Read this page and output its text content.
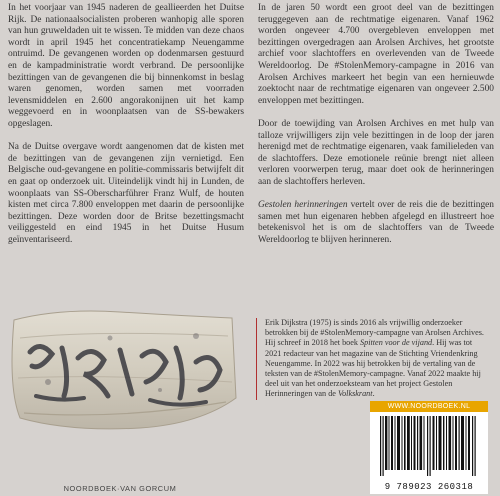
In het voorjaar van 1945 naderen de geallieerden het Duitse Rijk. De nationaalsocialisten proberen wanhopig alle sporen van hun gruweldaden uit te wissen. Te midden van deze chaos wordt in april 1945 het concentratiekamp Neuengamme ontruimd. De gevangenen worden op dodenmarsen gestuurd en de kampadministratie wordt verbrand. De persoonlijke bezittingen van de gevangenen die bij binnenkomst in beslag waren genomen, worden samen met voorraden levensmiddelen en 2.600 angorakonijnen uit het kamp weggevoerd en in woonplaatsen van de SS-bewakers opgeslagen.

Na de Duitse overgave wordt aangenomen dat de kisten met de bezittingen van de gevangenen zijn vernietigd. Een Belgische oud-gevangene en politie-commissaris betwijfelt dit en gaat op onderzoek uit. Uiteindelijk vindt hij in Lunden, de woonplaats van SS-Oberscharführer Franz Wulf, de houten kisten met circa 7.800 enveloppen met daarin de persoonlijke bezittingen. Deze worden door de Britse bezettingsmacht veiliggesteld en eind 1945 in het Duitse Husum geïnventariseerd.

In de jaren 50 wordt een groot deel van de bezittingen teruggegeven aan de rechtmatige eigenaren. Vanaf 1962 worden ongeveer 4.700 overgebleven enveloppen met bezittingen overgedragen aan Arolsen Archives, het grootste archief voor slachtoffers en overlevenden van de Tweede Wereldoorlog. De #StolenMemory-campagne in 2016 van Arolsen Archives markeert het begin van een hernieuwde zoektocht naar de rechtmatige eigenaren van ongeveer 2.500 enveloppen met bezittingen.

Door de toewijding van Arolsen Archives en met hulp van talloze vrijwilligers zijn vele bezittingen in de loop der jaren herenigd met de rechtmatige eigenaren, vaak familieleden van de slachtoffers. Deze emotionele reünie brengt niet alleen verloren voorwerpen terug, maar doet ook de herinneringen aan de slachtoffers herleven.

Gestolen herinneringen vertelt over de reis die de bezittingen samen met hun eigenaren hebben afgelegd en illustreert hoe betekenisvol het is om de slachtoffers van de Tweede Wereldoorlog te blijven herinneren.

Erik Dijkstra (1975) is sinds 2016 als vrijwillig onderzoeker betrokken bij de #StolenMemory-campagne van Arolsen Archives. Hij schreef in 2018 het boek Spitten voor de vijand. Hij was tot 2021 redacteur van het magazine van de Stichting Vriendenkring Neuengamme. In 2022 was hij betrokken bij de vertaling van de teksten van de #StolenMemory-campagne. Vanaf 2022 maakte hij deel uit van het onderzoeksteam van het project Gestolen Herinneringen van de Volkskrant.

NOORDBOEK·VAN GORCUM
WWW.NOORDBOEK.NL
9 789023 260318
